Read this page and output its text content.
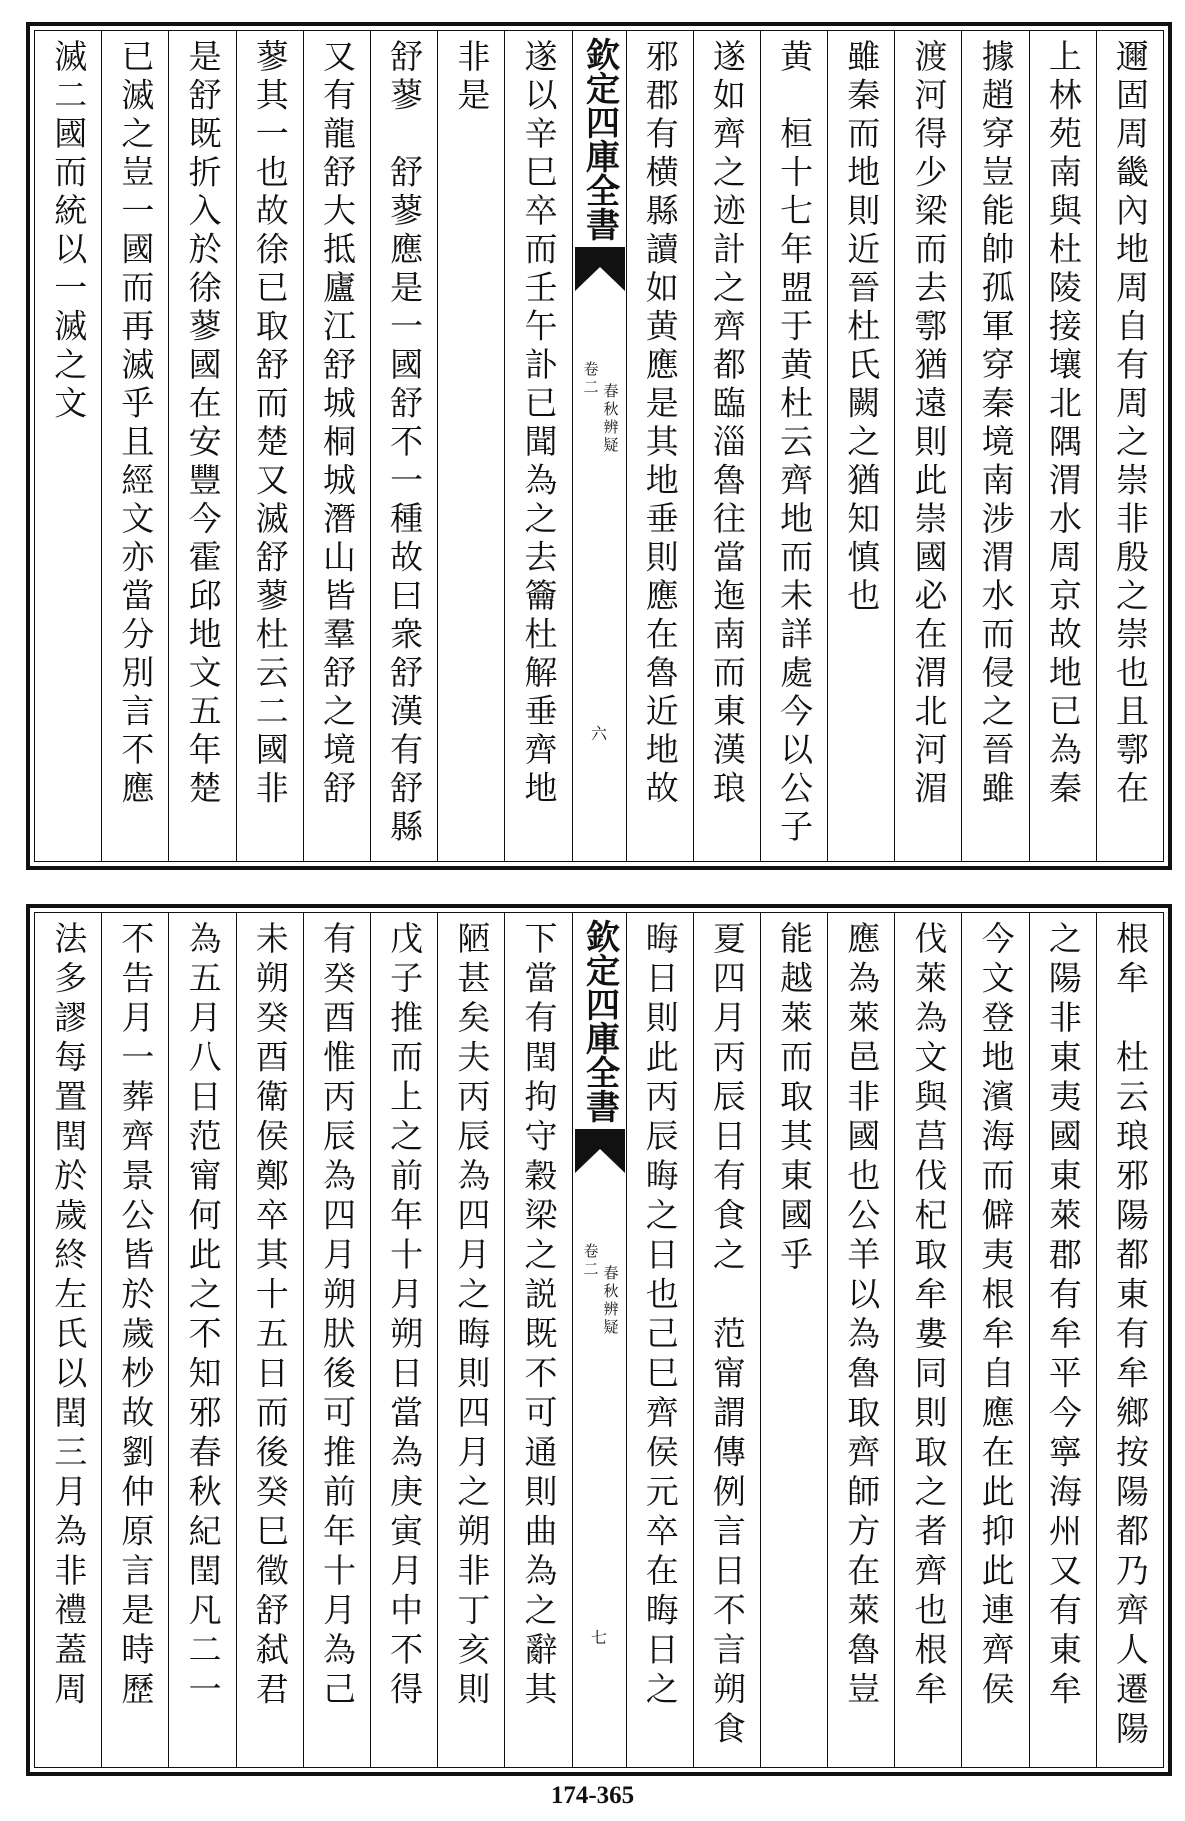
邇固周畿內地周自有周之崇非殷之崇也且鄠在
上林苑南與杜陵接壤北隅渭水周京故地已為秦
據趙穿豈能帥孤軍穿秦境南涉渭水而侵之晉雖
渡河得少梁而去鄠猶遠則此崇國必在渭北河湄
雖秦而地則近晉杜氏闕之猶知慎也
黄　桓十七年盟于黄杜云齊地而未詳處今以公子
遂如齊之迹計之齊都臨淄魯往當迤南而東漢琅
邪郡有横縣讀如黄應是其地垂則應在魯近地故
欽定四庫全書
春秋辨疑
卷二
六
遂以辛巳卒而壬午訃已聞為之去籥杜解垂齊地
非是
舒蓼　舒蓼應是一國舒不一種故曰衆舒漢有舒縣
又有龍舒大抵廬江舒城桐城潛山皆羣舒之境舒
蓼其一也故徐已取舒而楚又滅舒蓼杜云二國非
是舒既折入於徐蓼國在安豐今霍邱地文五年楚
已滅之豈一國而再滅乎且經文亦當分別言不應
滅二國而統以一滅之文
根牟　杜云琅邪陽都東有牟鄉按陽都乃齊人遷陽
之陽非東夷國東萊郡有牟平今寧海州又有東牟
今文登地濱海而僻夷根牟自應在此抑此連齊侯
伐萊為文與莒伐杞取牟婁同則取之者齊也根牟
應為萊邑非國也公羊以為魯取齊師方在萊魯豈
能越萊而取其東國乎
夏四月丙辰日有食之　范甯謂傳例言日不言朔食
晦日則此丙辰晦之日也己巳齊侯元卒在晦日之
欽定四庫全書
春秋辨疑
卷二
七
下當有閏拘守穀梁之説既不可通則曲為之辭其
陋甚矣夫丙辰為四月之晦則四月之朔非丁亥則
戊子推而上之前年十月朔日當為庚寅月中不得
有癸酉惟丙辰為四月朔肰後可推前年十月為己
未朔癸酉衛侯鄭卒其十五日而後癸巳徵舒弑君
為五月八日范甯何此之不知邪春秋紀閏凡二一
不告月一葬齊景公皆於歲杪故劉仲原言是時歷
法多謬每置閏於歲終左氏以閏三月為非禮蓋周
174-365
